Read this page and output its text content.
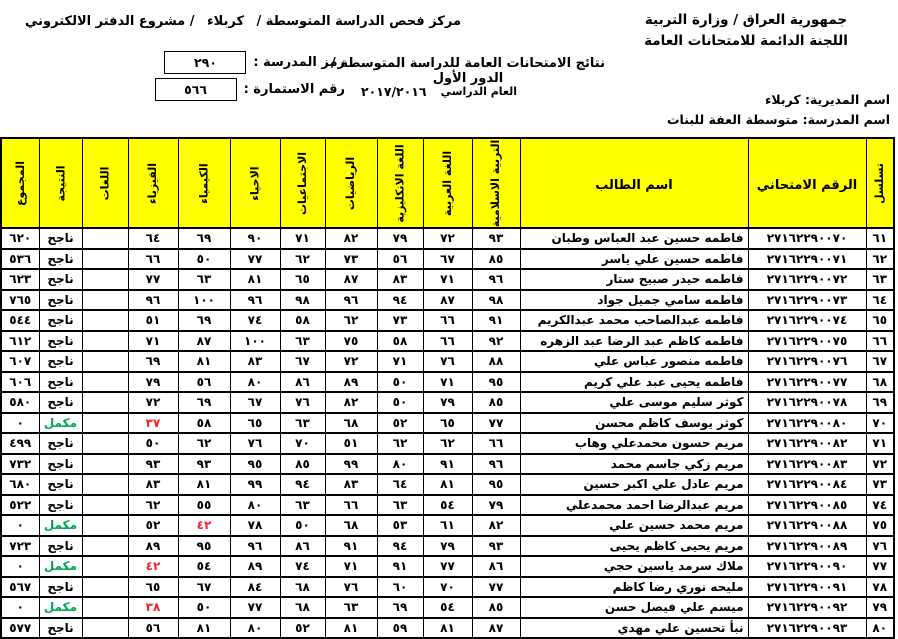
جمهورية العراق / وزارة التربية
اللجنة الدائمة للامتحانات العامة
مركز فحص الدراسة المتوسطة /
كربلاء
/ مشروع الدفتر الالكتروني
نتائج الامتحانات العامة للدراسة المتوسطة / الدور الأول
العام الدراسي
٢٠١٧/٢٠١٦
رمز المدرسة :
٢٩٠
رقم الاستمارة :
٥٦٦
اسم المديرية: كربلاء
اسم المدرسة: متوسطة العفة للبنات
تسلسل	الرقم الامتحاني	اسم الطالب	التربية الاسلامية	اللغة العربية	اللغة الانكليزية	الرياضيات	الاجتماعيات	الاحياء	الكيمياء	الفيزياء	اللغات	النتيجة	المجموع

٦١	٢٧١٦٢٢٩٠٠٧٠	فاطمه حسين عبد العباس وطبان	٩٣	٧٢	٧٩	٨٢	٧١	٩٠	٦٩	٦٤		ناجح	٦٢٠
٦٢	٢٧١٦٢٢٩٠٠٧١	فاطمه حسين علي ياسر	٨٥	٦٧	٥٦	٧٣	٦٢	٧٧	٥٠	٦٦		ناجح	٥٣٦
٦٣	٢٧١٦٢٢٩٠٠٧٢	فاطمه حيدر صبيح ستار	٩٦	٧١	٨٣	٨٧	٦٥	٨١	٦٣	٧٧		ناجح	٦٢٣
٦٤	٢٧١٦٢٢٩٠٠٧٣	فاطمه سامي جميل جواد	٩٨	٨٧	٩٤	٩٦	٩٨	٩٦	١٠٠	٩٦		ناجح	٧٦٥
٦٥	٢٧١٦٢٢٩٠٠٧٤	فاطمه عبدالصاحب محمد عبدالكريم	٩١	٦٦	٧٣	٦٢	٥٨	٧٤	٦٩	٥١		ناجح	٥٤٤
٦٦	٢٧١٦٢٢٩٠٠٧٥	فاطمه كاظم عبد الرضا عبد الزهره	٩٢	٦٦	٥٨	٧٥	٦٣	١٠٠	٨٧	٧١		ناجح	٦١٢
٦٧	٢٧١٦٢٢٩٠٠٧٦	فاطمه منصور عباس علي	٨٨	٧٦	٧١	٧٢	٦٧	٨٣	٨١	٦٩		ناجح	٦٠٧
٦٨	٢٧١٦٢٢٩٠٠٧٧	فاطمه يحيى عبد علي كريم	٩٥	٧١	٥٠	٨٩	٨٦	٨٠	٥٦	٧٩		ناجح	٦٠٦
٦٩	٢٧١٦٢٢٩٠٠٧٨	كوثر سليم موسى علي	٨٥	٧٩	٥٠	٨٢	٧٦	٦٧	٦٩	٧٢		ناجح	٥٨٠
٧٠	٢٧١٦٢٢٩٠٠٨٠	كوثر يوسف كاظم محسن	٧٧	٦٥	٥٢	٦٨	٦٣	٦٥	٥٨	٣٧		مكمل	٠
٧١	٢٧١٦٢٢٩٠٠٨٢	مريم حسون محمدعلي وهاب	٦٦	٦٢	٦٢	٥١	٧٠	٧٦	٦٢	٥٠		ناجح	٤٩٩
٧٢	٢٧١٦٢٢٩٠٠٨٣	مريم زكي جاسم محمد	٩٦	٩١	٨٠	٩٩	٨٥	٩٥	٩٣	٩٣		ناجح	٧٣٢
٧٣	٢٧١٦٢٢٩٠٠٨٤	مريم عادل علي اكبر حسين	٩٥	٨١	٦٤	٨٣	٩٤	٩٩	٨١	٨٣		ناجح	٦٨٠
٧٤	٢٧١٦٢٢٩٠٠٨٥	مريم عبدالرضا احمد محمدعلي	٧٩	٥٤	٦٣	٦٦	٦٣	٨٠	٥٥	٦٢		ناجح	٥٢٢
٧٥	٢٧١٦٢٢٩٠٠٨٨	مريم محمد حسين علي	٨٢	٦١	٥٣	٦٨	٥٠	٧٨	٤٢	٥٢		مكمل	٠
٧٦	٢٧١٦٢٢٩٠٠٨٩	مريم يحيى كاظم يحيى	٩٣	٧٩	٩٤	٩١	٨٦	٩٦	٩٥	٨٩		ناجح	٧٢٣
٧٧	٢٧١٦٢٢٩٠٠٩٠	ملاك سرمد ياسين حجي	٨٦	٧٧	٩١	٧١	٧٤	٨٩	٥٤	٤٢		مكمل	٠
٧٨	٢٧١٦٢٢٩٠٠٩١	مليحه نوري رضا كاظم	٧٧	٧٠	٦٠	٧٦	٦٨	٨٤	٦٧	٦٥		ناجح	٥٦٧
٧٩	٢٧١٦٢٢٩٠٠٩٢	ميسم علي فيصل حسن	٨٥	٥٤	٦٩	٦٣	٦٨	٧٧	٥٠	٣٨		مكمل	٠
٨٠	٢٧١٦٢٢٩٠٠٩٣	نبأ تحسين علي مهدي	٨٧	٨١	٥٩	٨١	٥٢	٨٠	٨١	٥٦		ناجح	٥٧٧
